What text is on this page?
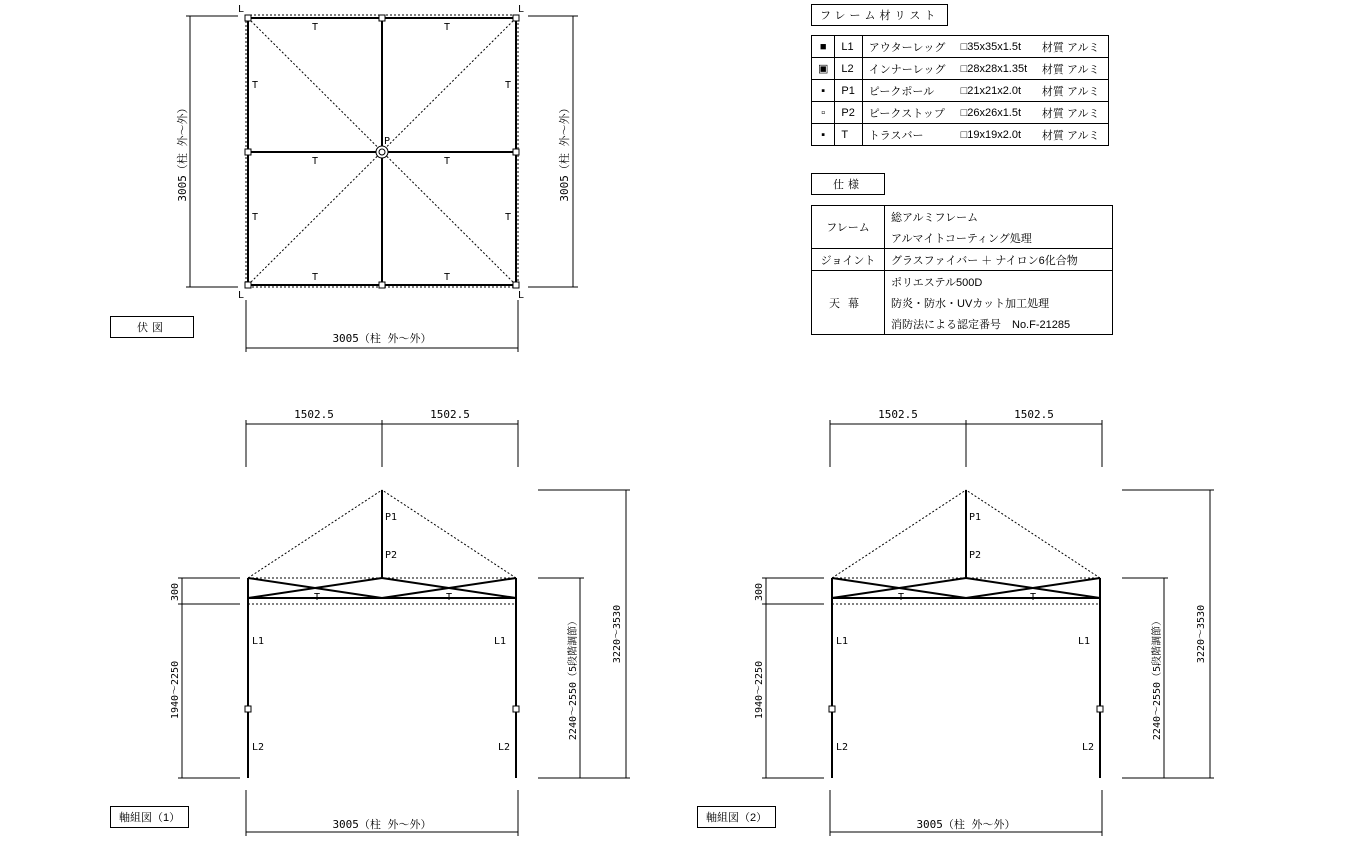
L	L
L	L
T	T
T	T
T	T
T	T
T	T
P
3005（柱 外～外）
3005（柱 外～外）	3005（柱 外～外）
1502.5	1502.5
P1
P2
T	T
L1	L1
L2	L2
300
1940～2250	2240～2550（5段階調節）	3220～3530
3005（柱 外～外）
1502.5	1502.5
P1
P2
T	T
L1	L1
L2	L2
300
1940～2250	2240～2550（5段階調節）	3220～3530
3005（柱 外～外）
伏図
軸組図（1）	軸組図（2）
フレーム材リスト
■	L1	アウターレッグ	□35x35x1.5t	材質 アルミ
▣	L2	インナーレッグ	□28x28x1.35t	材質 アルミ
▪	P1	ピークポール	□21x21x2.0t	材質 アルミ
▫	P2	ピークストップ	□26x26x1.5t	材質 アルミ
▪	T	トラスバー	□19x19x2.0t	材質 アルミ
仕様
フレーム	総アルミフレーム
	アルマイトコーティング処理
ジョイント	グラスファイバー ＋ ナイロン6化合物
天幕	ポリエステル500D
	防炎・防水・UVカット加工処理
	消防法による認定番号　No.F-21285
